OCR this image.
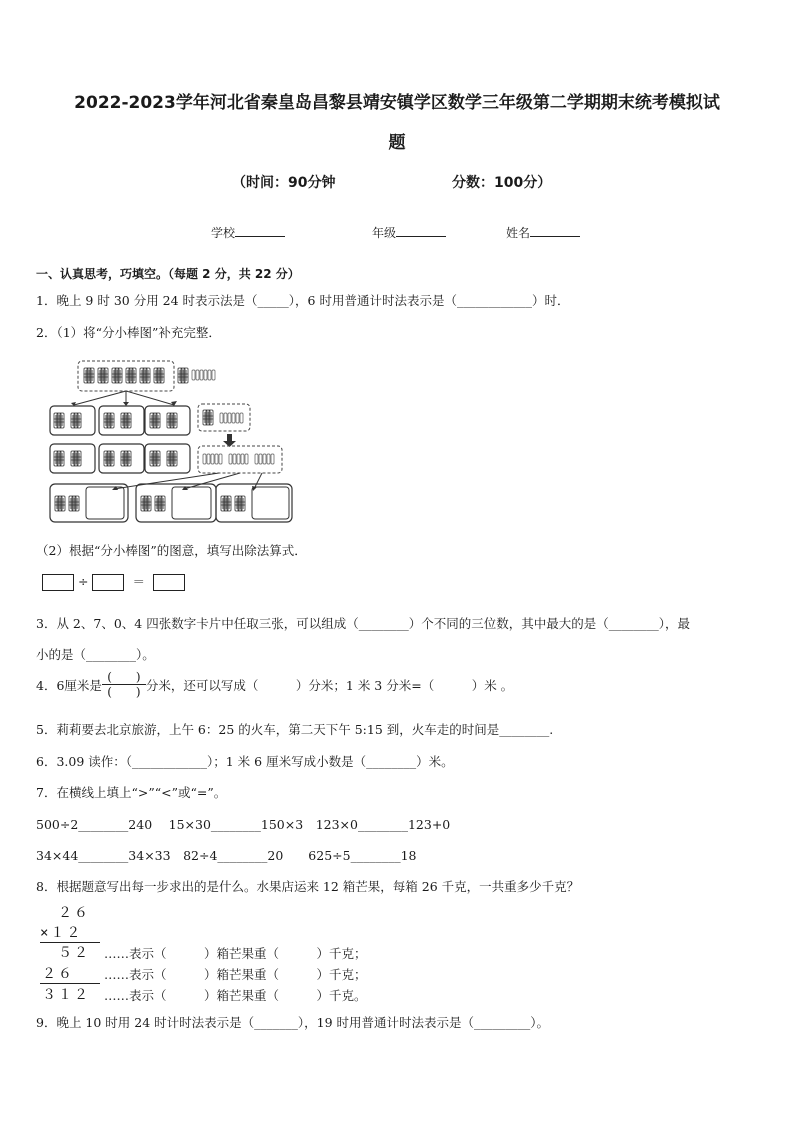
2022-2023学年河北省秦皇岛昌黎县靖安镇学区数学三年级第二学期期末统考模拟试
题
（时间：90分钟	分数：100分）
学校	年级	姓名
一、认真思考，巧填空。（每题 2 分，共 22 分）
1．晚上 9 时 30 分用 24 时表示法是（_____），6 时用普通计时法表示是（____________）时．
2．（1）将“分小棒图”补充完整．
（2）根据“分小棒图”的图意，填写出除法算式．
÷	＝
3．从 2、7、0、4 四张数字卡片中任取三张，可以组成（________）个不同的三位数，其中最大的是（________），最
小的是（________）。
4．6厘米是 $\frac{( )}{( )}$ 分米，还可以写成（　　　）分米；1 米 3 分米=（　　　）米 。
5．莉莉要去北京旅游，上午 6：25 的火车，第二天下午 5:15 到，火车走的时间是________.
6．3.09 读作：（____________）；1 米 6 厘米写成小数是（________）米。
7．在横线上填上“>”“<”或“=”。
500÷2________240　 15×30________150×3　123×0________123+0
34×44________34×33　82÷4________20　　625÷5________18
8．根据题意写出每一步求出的是什么。水果店运来 12 箱芒果，每箱 26 千克，一共重多少千克？
２６
×１２
５２ ……表示（　　　）箱芒果重（　　　）千克；
２６ ……表示（　　　）箱芒果重（　　　）千克；
３１２ ……表示（　　　）箱芒果重（　　　）千克。
9．晚上 10 时用 24 时计时法表示是（_______），19 时用普通计时法表示是（_________）。
